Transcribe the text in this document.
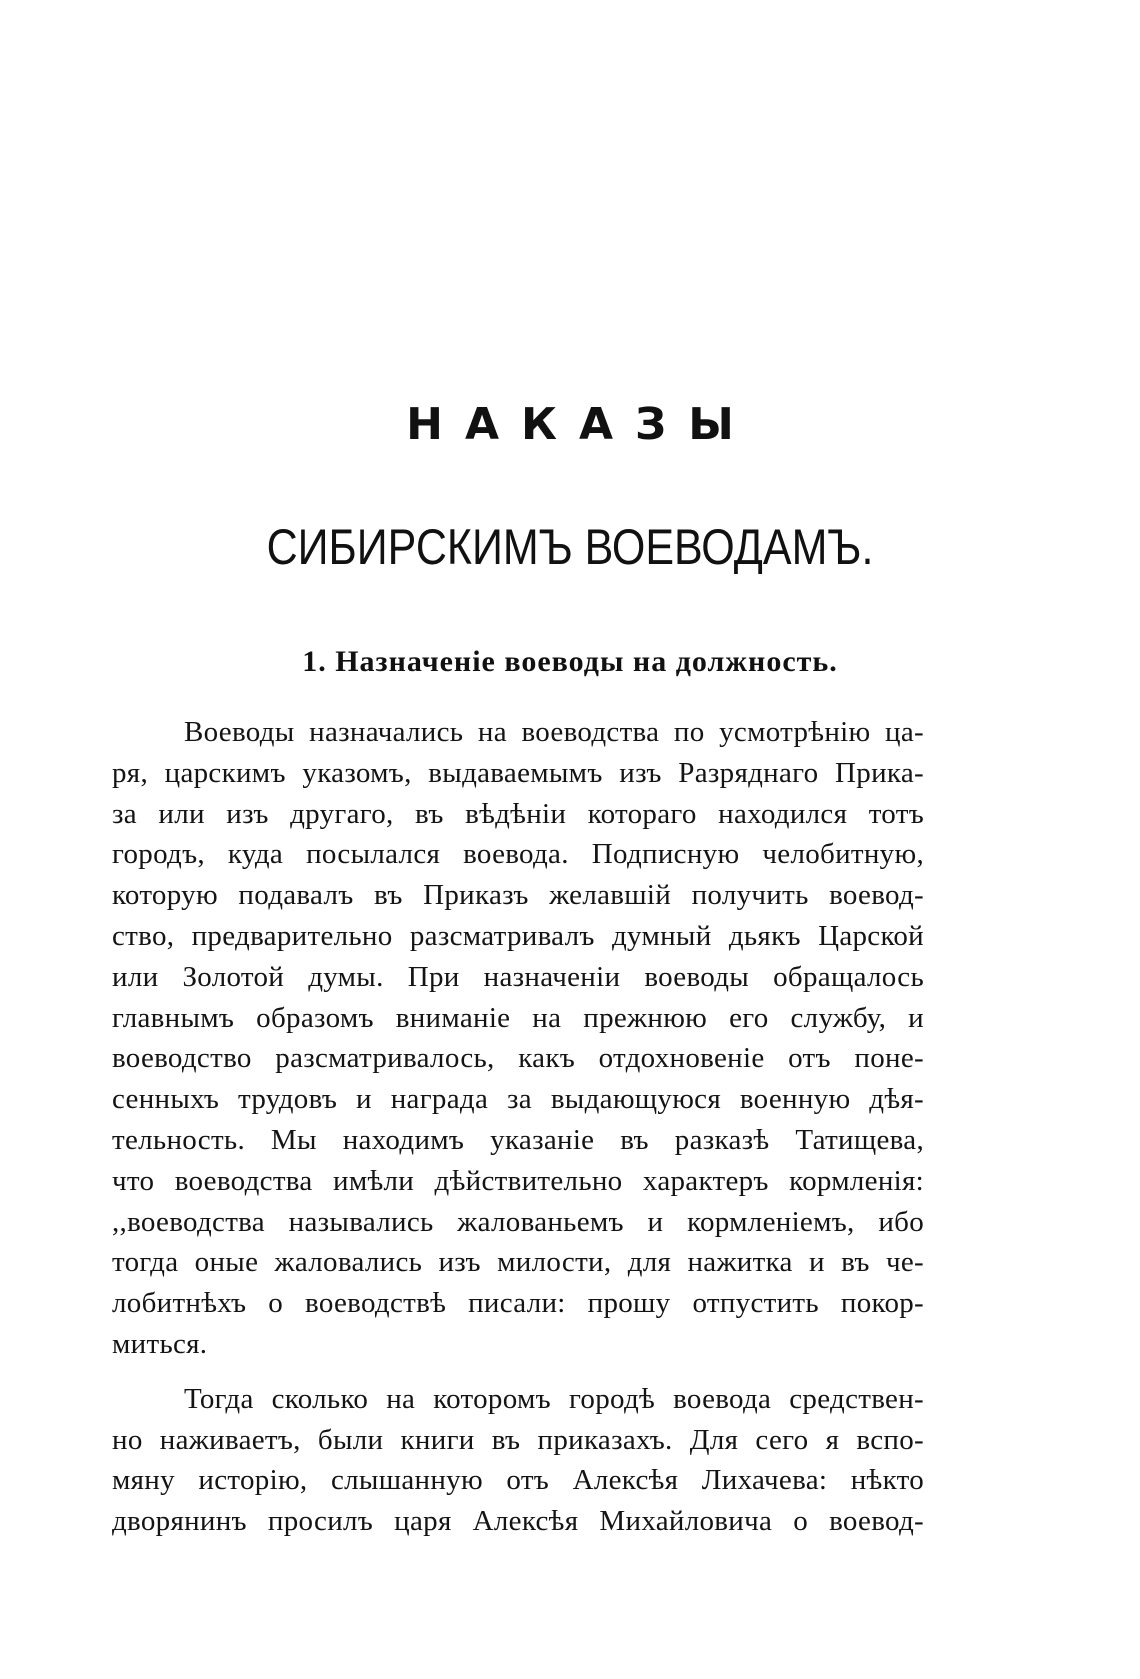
НАКАЗЫ
СИБИРСКИМЪ ВОЕВОДАМЪ.
1. Назначеніе воеводы на должность.
Воеводы назначались на воеводства по усмотрѣнію ца-
ря, царскимъ указомъ, выдаваемымъ изъ Разряднаго Прика-
за или изъ другаго, въ вѣдѣніи котораго находился тотъ
городъ, куда посылался воевода. Подписную челобитную,
которую подавалъ въ Приказъ желавшій получить воевод-
ство, предварительно разсматривалъ думный дьякъ Царской
или Золотой думы. При назначеніи воеводы обращалось
главнымъ образомъ вниманіе на прежнюю его службу, и
воеводство разсматривалось, какъ отдохновеніе отъ поне-
сенныхъ трудовъ и награда за выдающуюся военную дѣя-
тельность. Мы находимъ указаніе въ разказѣ Татищева,
что воеводства имѣли дѣйствительно характеръ кормленія:
,,воеводства назывались жалованьемъ и кормленіемъ, ибо
тогда оные жаловались изъ милости, для нажитка и въ че-
лобитнѣхъ о воеводствѣ писали: прошу отпустить покор-
миться.
Тогда сколько на которомъ городѣ воевода средствен-
но наживаетъ, были книги въ приказахъ. Для сего я вспо-
мяну исторію, слышанную отъ Алексѣя Лихачева: нѣкто
дворянинъ просилъ царя Алексѣя Михайловича о воевод-
